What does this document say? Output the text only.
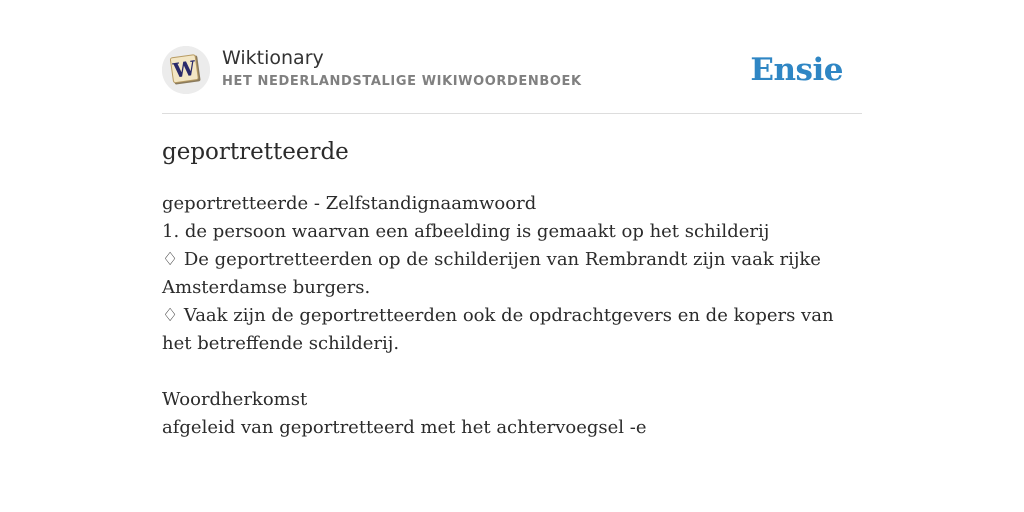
W Wiktionary
HET NEDERLANDSTALIGE WIKIWOORDENBOEK	Ensie
geportretteerde

geportretteerde - Zelfstandignaamwoord

1. de persoon waarvan een afbeelding is gemaakt op het schilderij

♢ De geportretteerden op de schilderijen van Rembrandt zijn vaak rijke Amsterdamse burgers.

♢ Vaak zijn de geportretteerden ook de opdrachtgevers en de kopers van het betreffende schilderij.

Woordherkomst

afgeleid van geportretteerd met het achtervoegsel -e
